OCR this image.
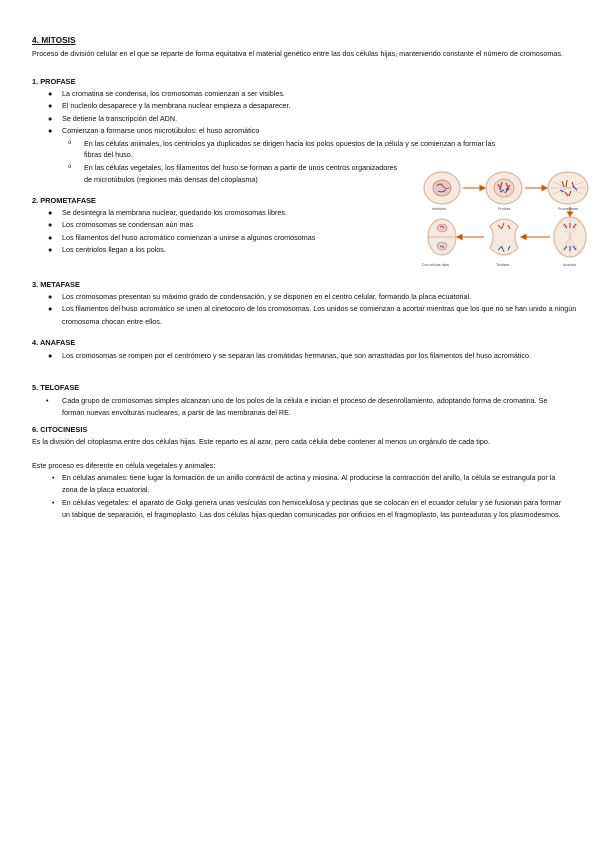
4. MITOSIS

Proceso de división celular en el que se reparte de forma equitativa el material genético entre las dos células hijas, manteniendo constante el número de cromosomas.

1. PROFASE
● La cromatina se condensa, los cromosomas comienzan a ser visibles.
● El nucleolo desaparece y la membrana nuclear empieza a desaparecer.
● Se detiene la transcripción del ADN.
● Comienzan a formarse unos microtúbulos: el huso acromático
o En las células animales, los centriolos ya duplicados se dirigen hacia los polos opuestos de la célula y se comienzan a formar las fibras del huso.
o En las células vegetales, los filamentos del huso se forman a partir de unos centros organizadores de microtúbulos (regiones más densas del citoplasma)
2. PROMETAFASE
● Se desintegra la membrana nuclear, quedando los cromosomas libres.
● Los cromosomas se condensan aún mas
● Los filamentos del huso acromático comienzan a unirse a algunos cromosomas
● Los centriolos llegan a los polos.
Interfase	Profase	Prometafase
Dos células hijas	Telofase	Anafase
3. METAFASE
● Los cromosomas presentan su máximo grado de condensación, y se disponen en el centro celular, formando la placa ecuatorial.
● Los filamentos del huso acromático se unen al cinetocoro de los cromosomas. Los unidos se comienzan a acortar mientras que los que no se han unido a ningún cromosoma chocan entre ellos.
4. ANAFASE
● Los cromosomas se rompen por el centrómero y se separan las cromátidas hermanas, que son arrastradas por los filamentos del huso acromático.
5. TELOFASE
• Cada grupo de cromosomas simples alcanzan uno de los polos de la célula e inician el proceso de desenrollamiento, adoptando forma de cromatina. Se forman nuevas envolturas nucleares, a partir de las membranas del RE.
6. CITOCINESIS

Es la división del citoplasma entre dos células hijas. Este reparto es al azar, pero cada célula debe contener al menos un orgánulo de cada tipo.

Este proceso es diferente en célula vegetales y animales:

• En células animales: tiene lugar la formación de un anillo contráctil de actina y miosina. Al producirse la contracción del anillo, la célula se estrangula por la zona de la placa ecuatorial.
• En células vegetales: el aparato de Golgi genera unas vesículas con hemicelulosa y pectinas que se colocan en el ecuador celular y se fusionan para formar un tabique de separación, el fragmoplasto. Las dos células hijas quedan comunicadas por orificios en el fragmoplasto, las punteaduras y los plasmodesmos.
